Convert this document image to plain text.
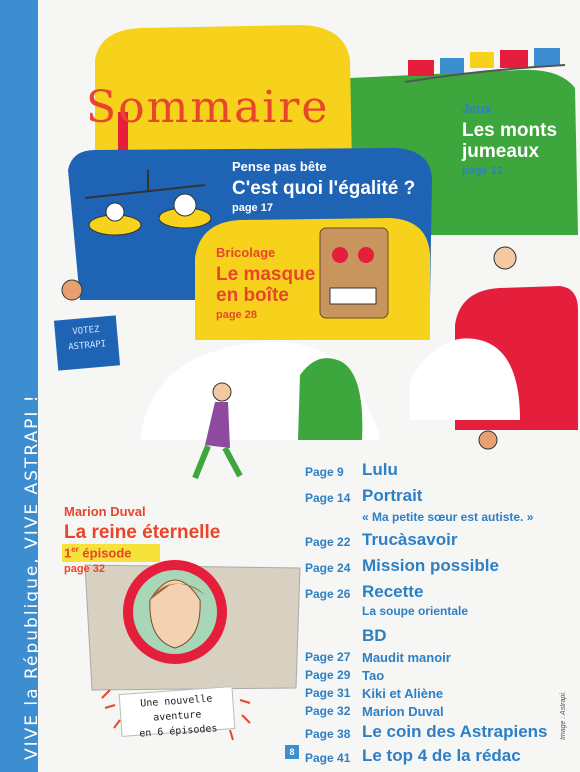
VIVE la République, VIVE ASTRAPI !
Sommaire	Jeux
Les monts
jumeaux
page 12
Pense pas bête
C'est quoi l'égalité ?
page 17
Bricolage
Le masque
en boîte
page 28
VOTEZ
ASTRAPI
Marion Duval
La reine éternelle
1er épisode
page 32
Une nouvelle aventure
en 6 épisodes
Page 9	Lulu
Page 14 Portrait
« Ma petite sœur est autiste. »
Page 22 Trucàsavoir
Page 24 Mission possible
Page 26 Recette
La soupe orientale
BD
Page 27 Maudit manoir
Page 29 Tao
Page 31 Kiki et Aliène
Page 32 Marion Duval
Page 38 Le coin des Astrapiens
Page 41 Le top 4 de la rédac
8
Image : Astrapi.
